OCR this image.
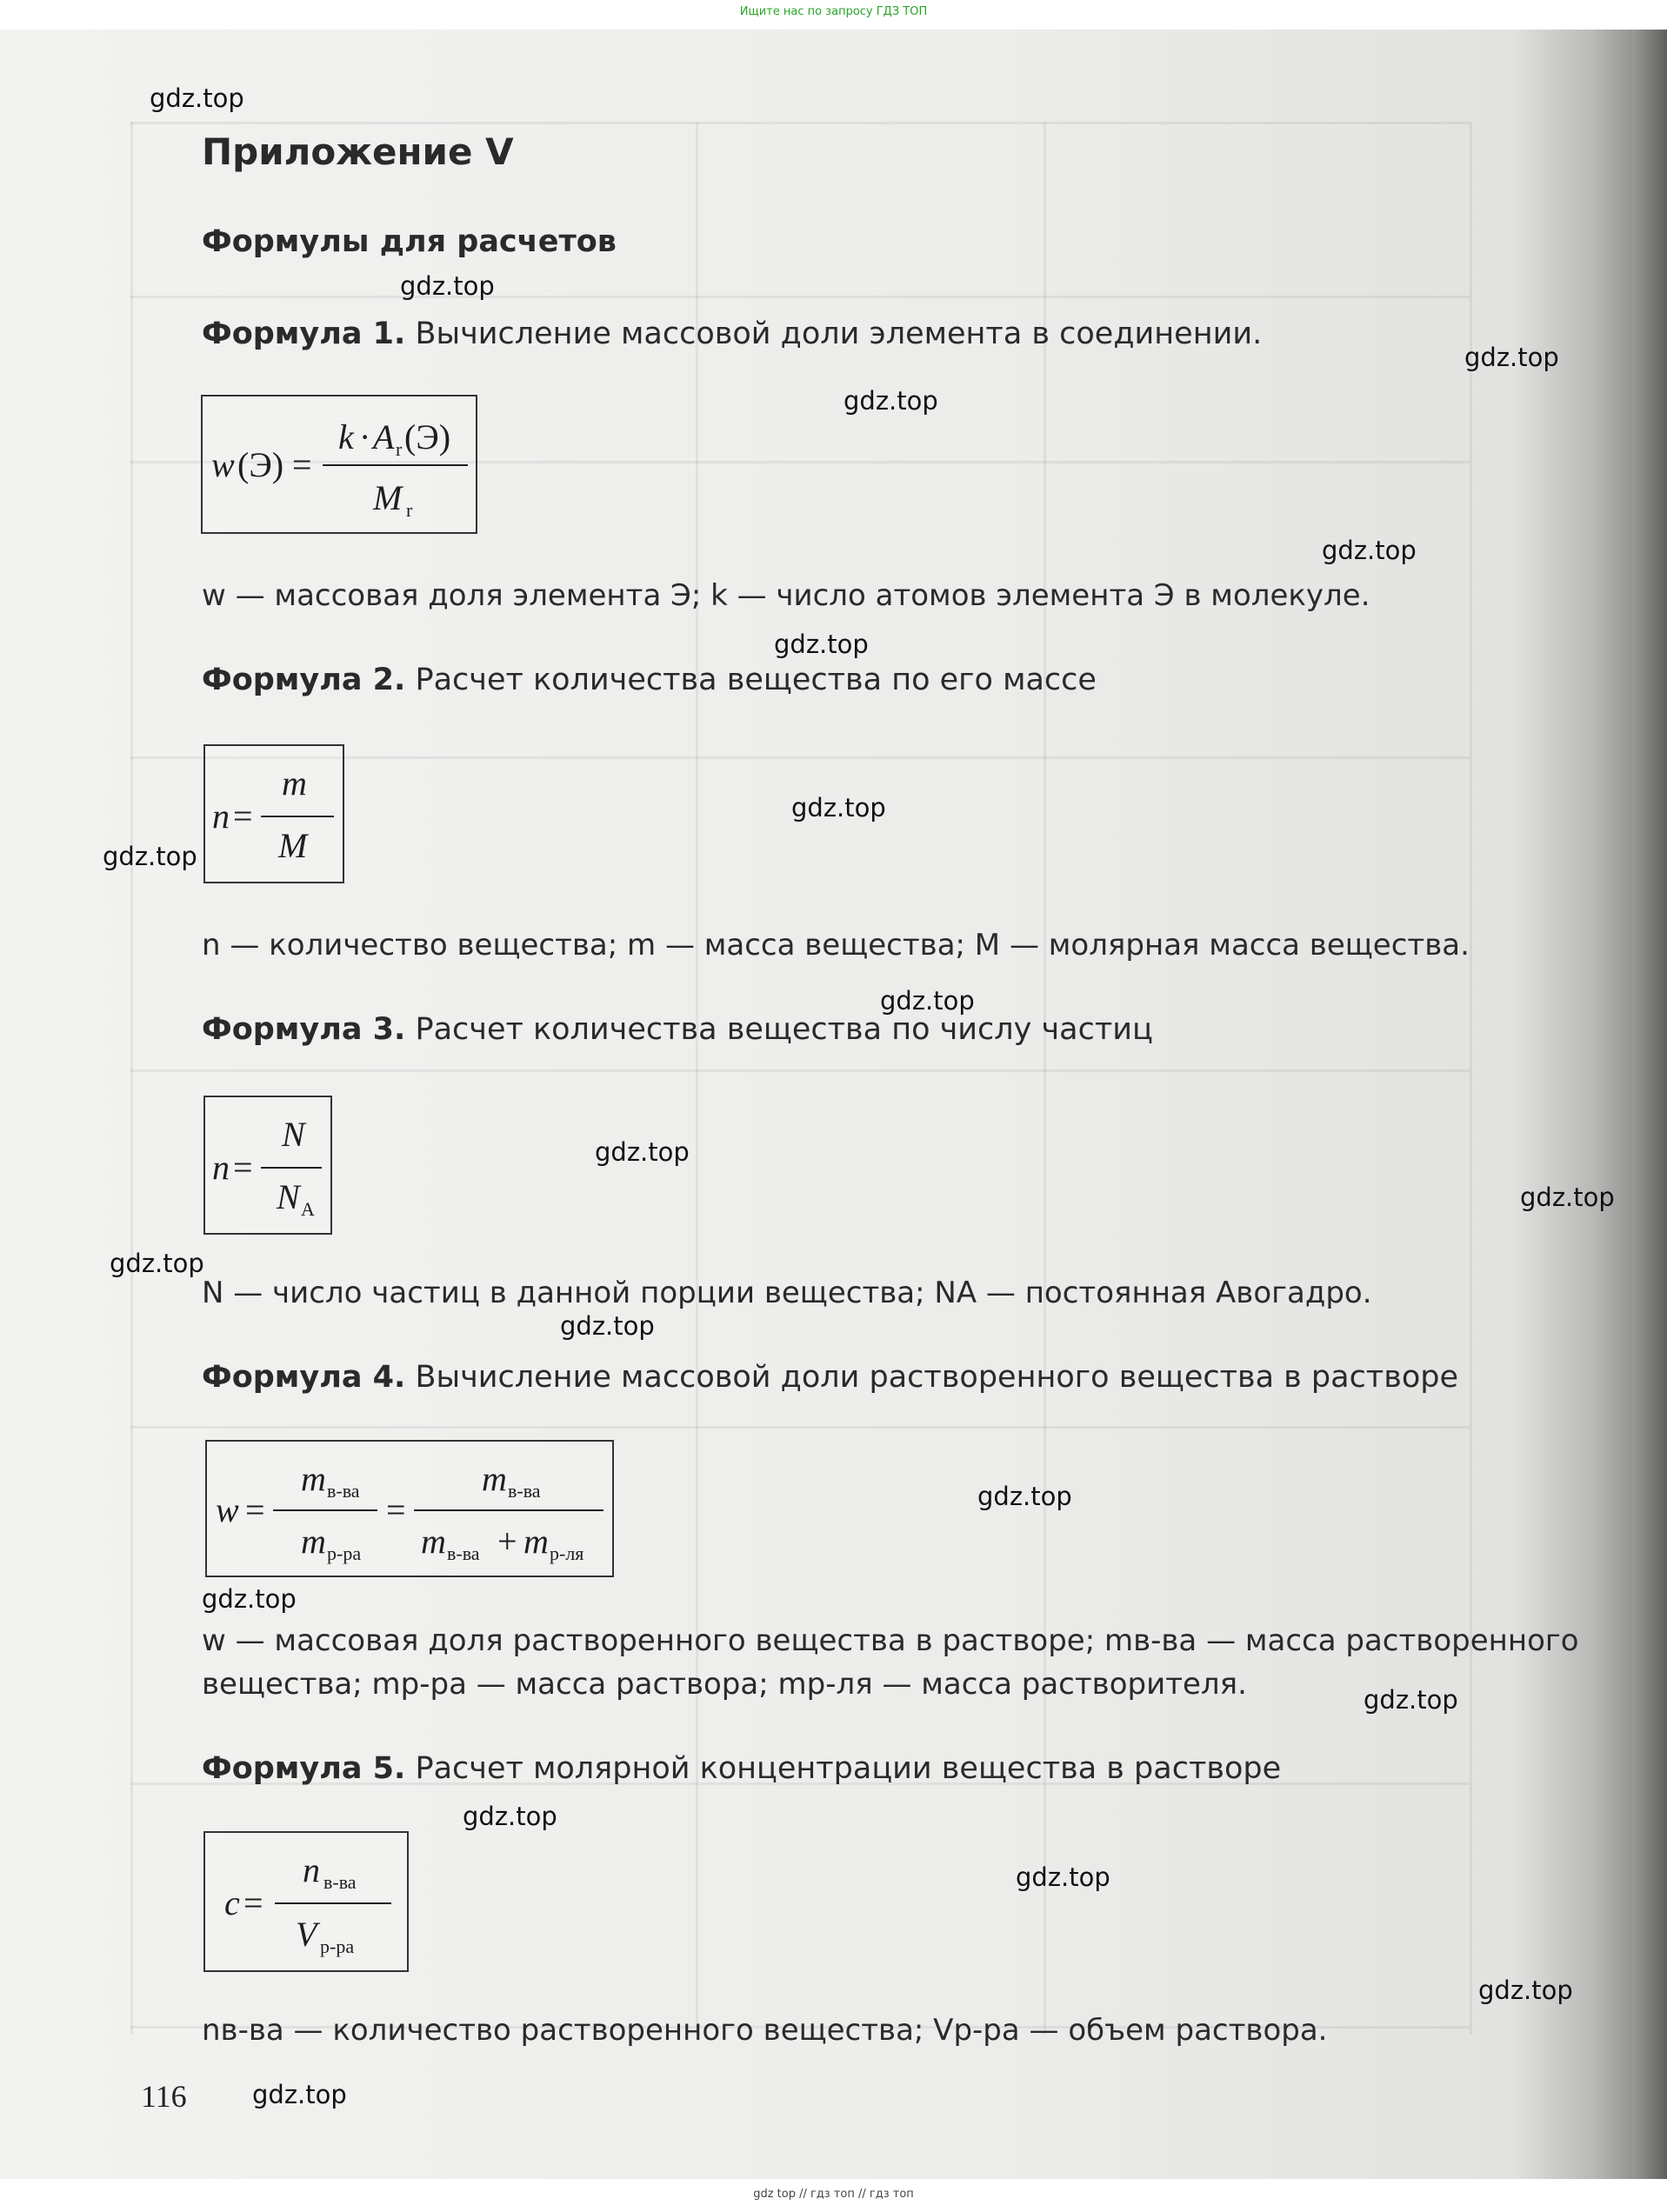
Ищите нас по запросу ГДЗ ТОП
gdz.top
gdz.top
gdz.top
gdz.top
gdz.top
gdz.top
gdz.top
gdz.top
gdz.top
gdz.top
gdz.top
gdz.top
gdz.top
gdz.top
gdz.top
gdz.top
gdz.top
gdz.top
gdz.top
gdz.top
Приложение V
Формулы для расчетов
Формула 1. Вычисление массовой доли элемента в соединении.
w (Э) =
k · A r (Э)
M r
w — массовая доля элемента Э; k — число атомов элемента Э в молекуле.
Формула 2. Расчет количества вещества по его массе
n =
m
M
n — количество вещества; m — масса вещества; M — молярная масса вещества.
Формула 3. Расчет количества вещества по числу частиц
n =
N
N A
N — число частиц в данной порции вещества; NA — постоянная Авогадро.
Формула 4. Вычисление массовой доли растворенного вещества в растворе
w =
m в-ва
m р-ра
=
m в-ва
m в-ва + m р-ля
w — массовая доля растворенного вещества в растворе; mв-ва — масса растворенного
вещества; mр-ра — масса раствора; mр-ля — масса растворителя.
Формула 5. Расчет молярной концентрации вещества в растворе
c =
n в-ва
V р-ра
nв-ва — количество растворенного вещества; Vр-ра — объем раствора.
116
gdz top // гдз топ // гдз топ
